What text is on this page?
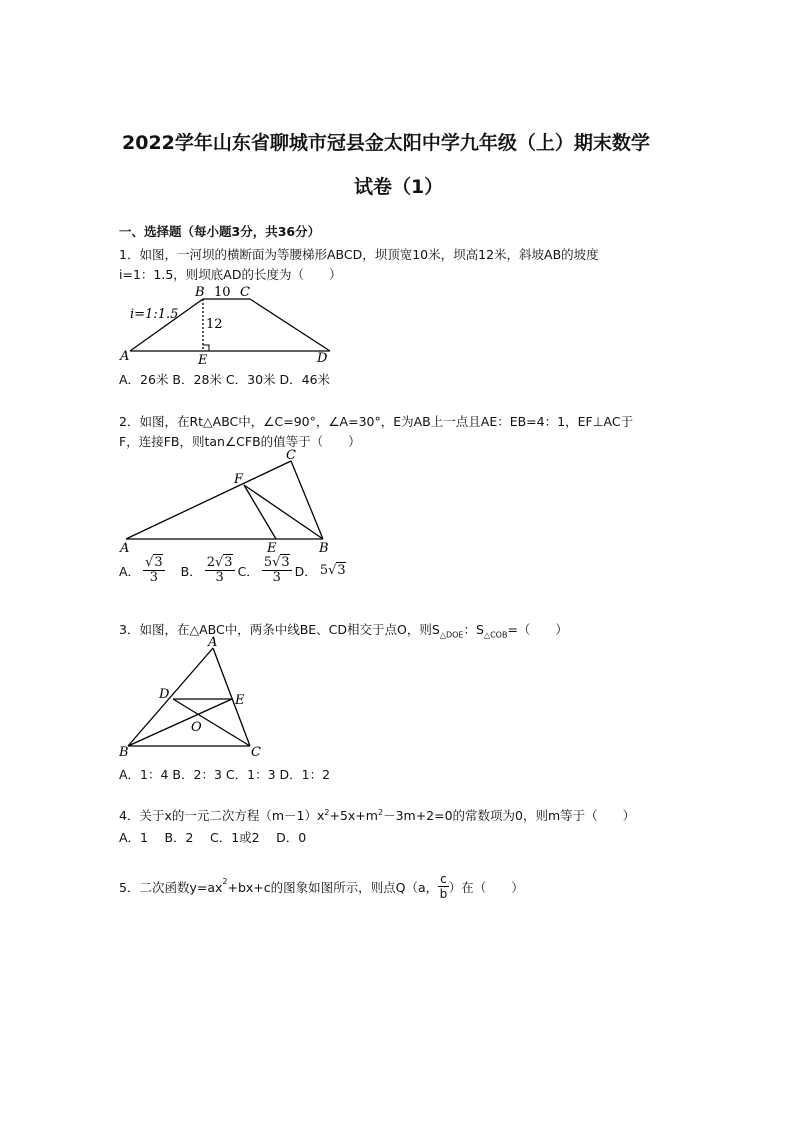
2022学年山东省聊城市冠县金太阳中学九年级（上）期末数学
试卷（1）
一、选择题（每小题3分，共36分）
1．如图，一河坝的横断面为等腰梯形ABCD，坝顶宽10米，坝高12米，斜坡AB的坡度
i=1：1.5，则坝底AD的长度为（　　）
A
B	C
D
E
10
12
i=1:1.5
A．26米 B．28米 C．30米 D．46米
2．如图，在Rt△ABC中，∠C=90°，∠A=30°，E为AB上一点且AE：EB=4：1，EF⊥AC于
F，连接FB，则tan∠CFB的值等于（　　）
A	B
C
E
F
A． $\frac{√3}{3}$ B． $\frac{2√3}{3}$ C． $\frac{5√3}{3}$ D． 5√3
3．如图，在△ABC中，两条中线BE、CD相交于点O，则$S_{\triangle DOE}$：$S_{\triangle COB}=$（　　）
A
B	C
D	E
O
A．1：4 B．2：3 C．1：3 D．1：2
4．关于x的一元二次方程$(m-1)x^2+5x+m^2-3m+2=0$的常数项为0，则m等于（　　）
A．1　 B．2　 C．1或2　 D．0
5．二次函数$y=ax^2 +bx+c$的图象如图所示，则点Q（a， $\frac{c}{b}$ ）在（　　）
